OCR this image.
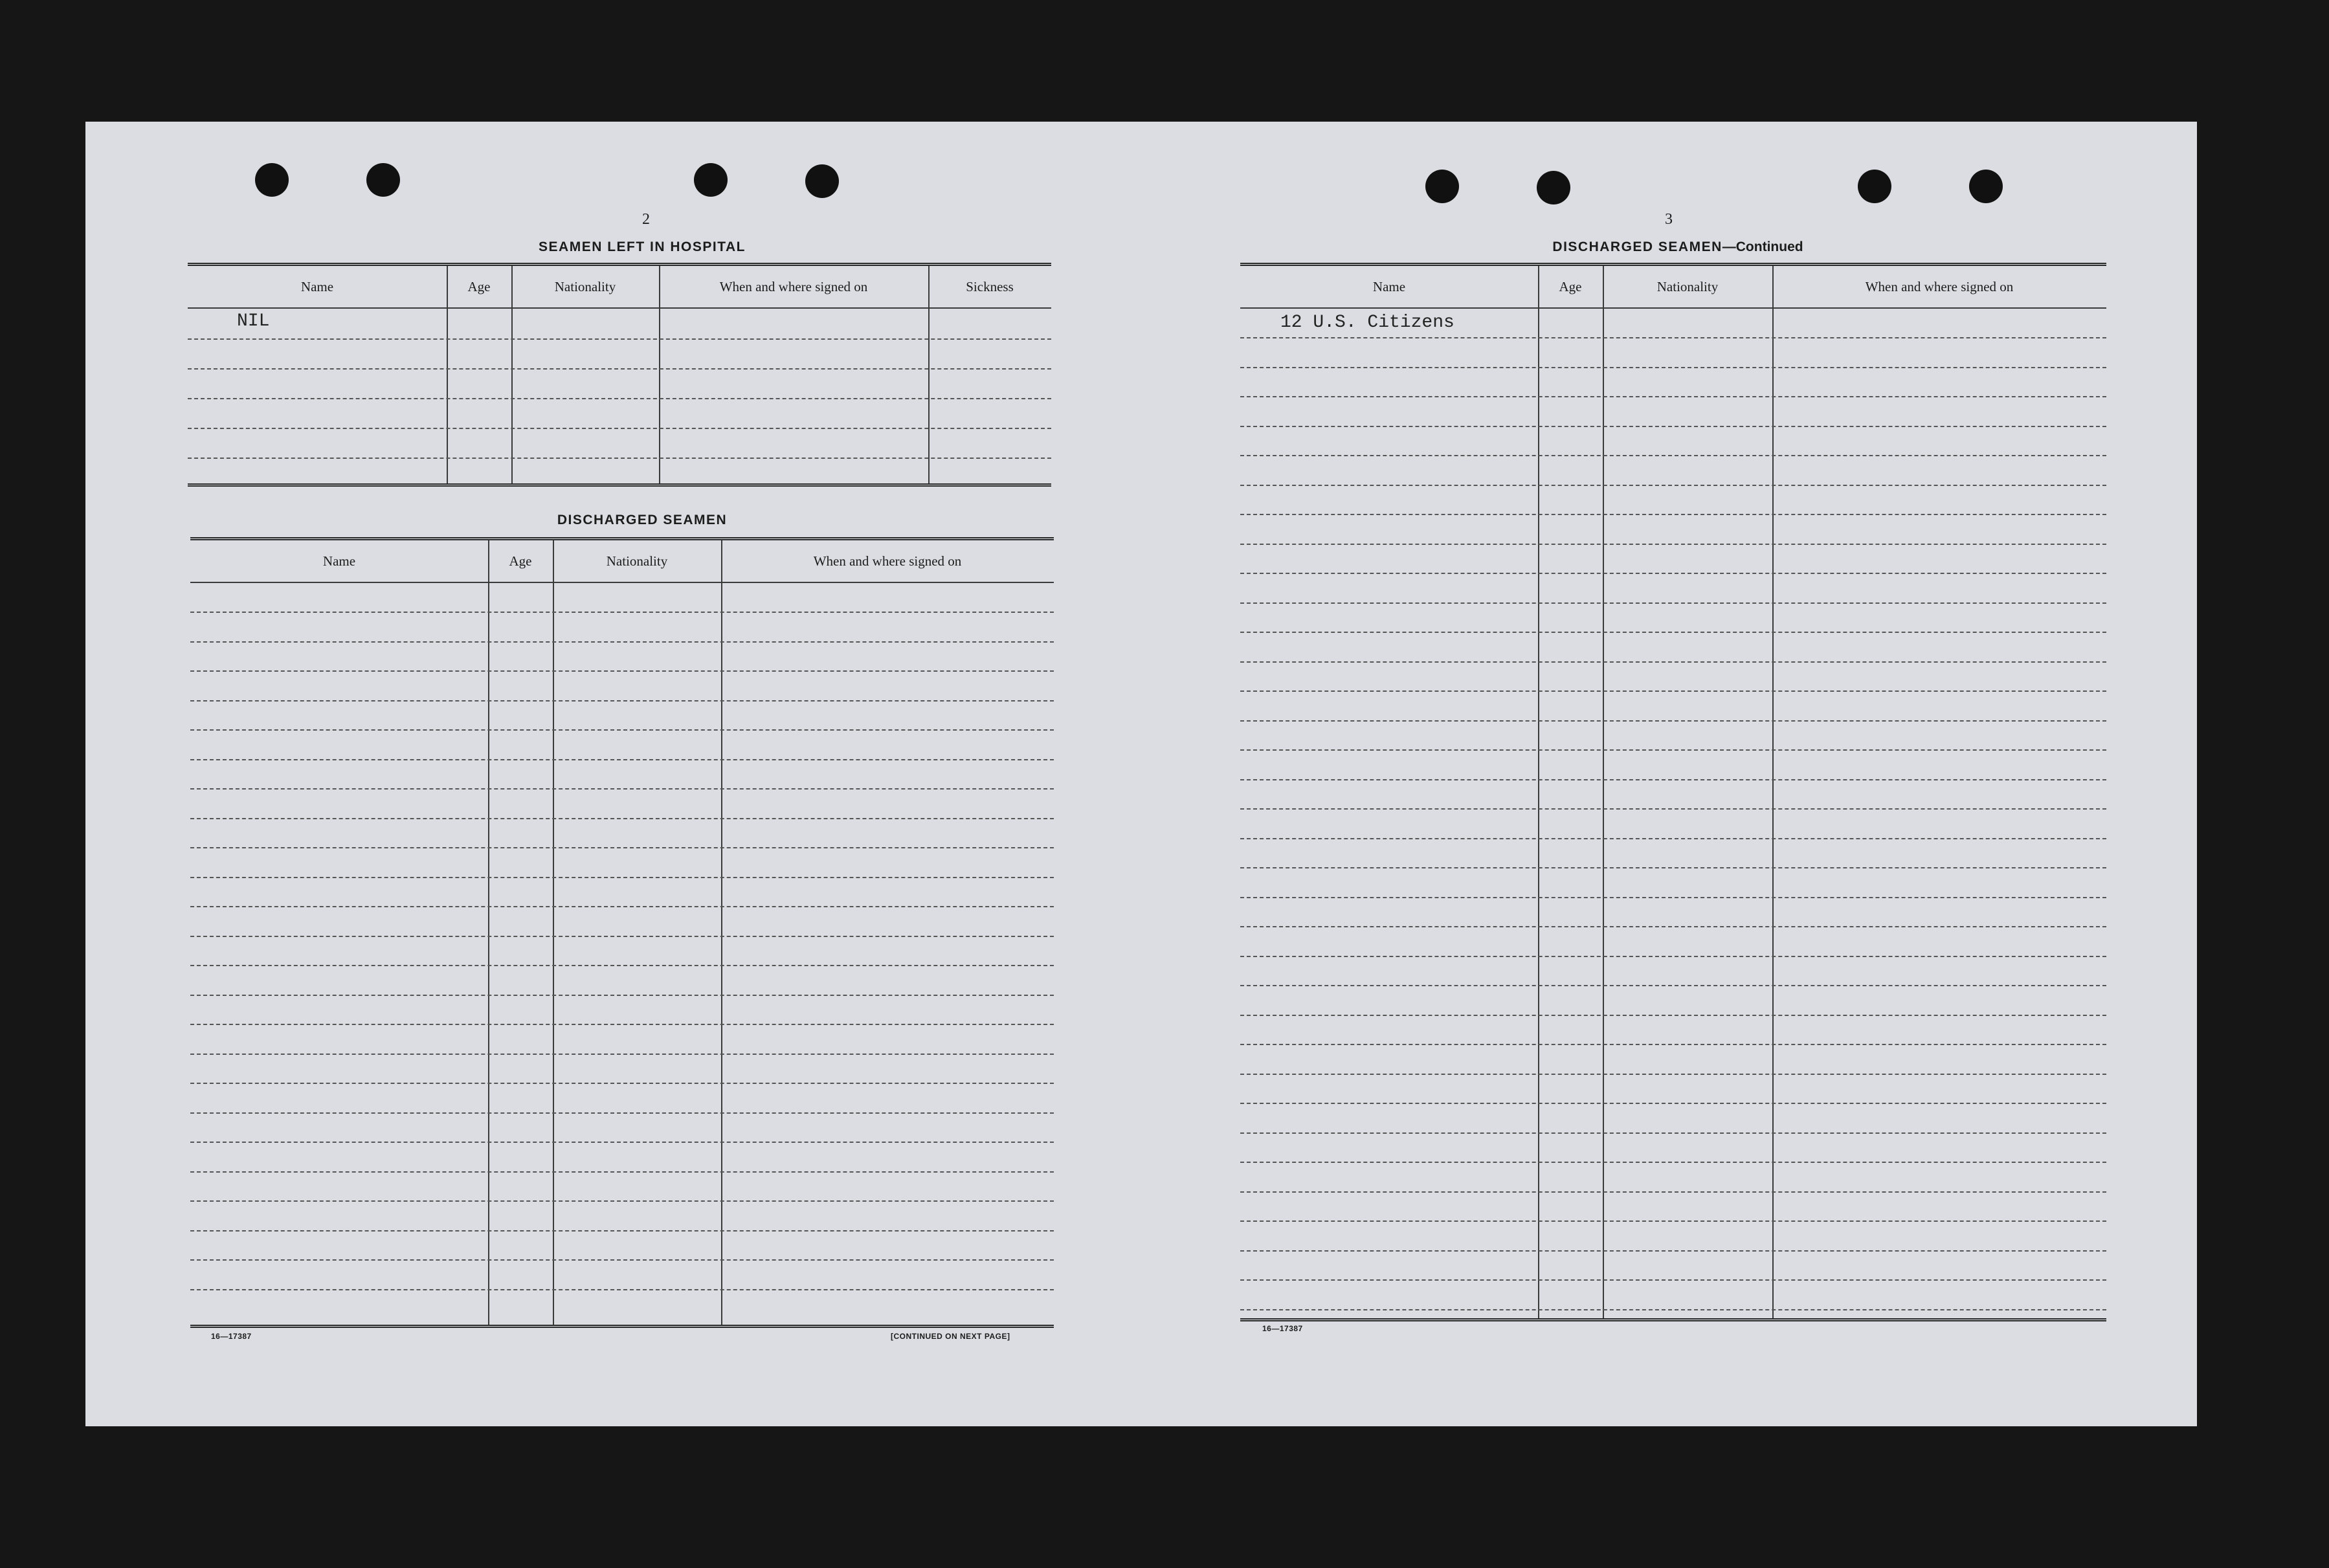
2
SEAMEN LEFT IN HOSPITAL
Name	Age	Nationality	When and where signed on	Sickness
NIL
DISCHARGED SEAMEN
Name	Age	Nationality	When and where signed on
16—17387	[CONTINUED ON NEXT PAGE]
3
DISCHARGED SEAMEN—Continued
Name	Age	Nationality	When and where signed on
12 U.S. Citizens
16—17387
